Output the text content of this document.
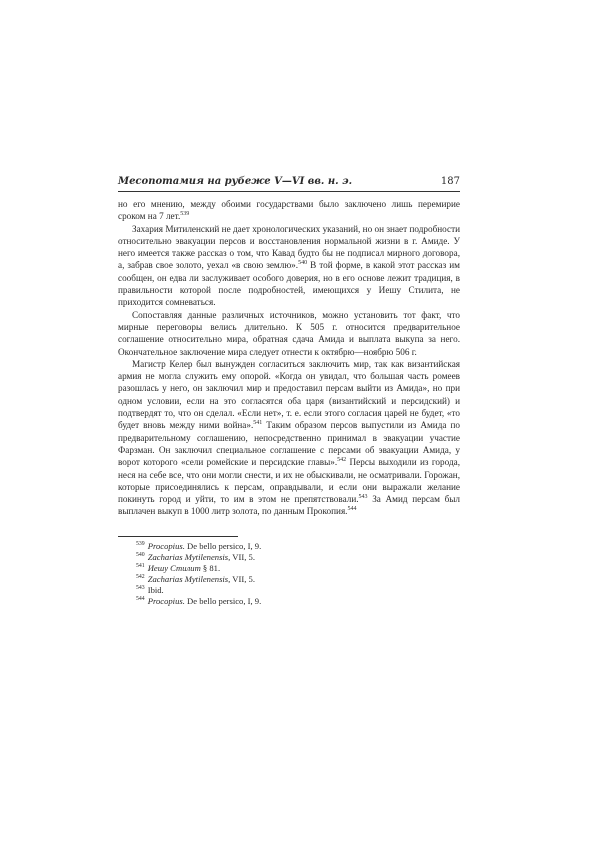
Месопотамия на рубеже V—VI вв. н. э.	187

но его мнению, между обоими государствами было заключено лишь перемирие сроком на 7 лет.$^{539}$

Захария Митиленский не дает хронологических указаний, но он знает подробности относительно эвакуации персов и восстановления нормальной жизни в г. Амиде. У него имеется также рассказ о том, что Кавад будто бы не подписал мирного договора, а, забрав свое золото, уехал «в свою землю».$^{540}$ В той форме, в какой этот рассказ им сообщен, он едва ли заслуживает особого доверия, но в его основе лежит традиция, в правильности которой после подробностей, имеющихся у Иешу Стилита, не приходится сомневаться.

Сопоставляя данные различных источников, можно установить тот факт, что мирные переговоры велись длительно. К 505 г. относится предварительное соглашение относительно мира, обратная сдача Амида и выплата выкупа за него. Окончательное заключение мира следует отнести к октябрю—ноябрю 506 г.

Магистр Келер был вынужден согласиться заключить мир, так как византийская армия не могла служить ему опорой. «Когда он увидал, что большая часть ромеев разошлась у него, он заключил мир и предоставил персам выйти из Амида», но при одном условии, если на это согласятся оба царя (византийский и персидский) и подтвердят то, что он сделал. «Если нет», т. е. если этого согласия царей не будет, «то будет вновь между ними война».$^{541}$ Таким образом персов выпустили из Амида по предварительному соглашению, непосредственно принимал в эвакуации участие Фарзман. Он заключил специальное соглашение с персами об эвакуации Амида, у ворот которого «сели ромейские и персидские главы».$^{542}$ Персы выходили из города, неся на себе все, что они могли снести, и их не обыскивали, не осматривали. Горожан, которые присоединялись к персам, оправдывали, и если они выражали желание покинуть город и уйти, то им в этом не препятствовали.$^{543}$ За Амид персам был выплачен выкуп в 1000 литр золота, по данным Прокопия.$^{544}$

$^{539}$ Procopius. De bello persico, I, 9.
$^{540}$ Zacharias Mytilenensis, VII, 5.
$^{541}$ Иешу Стилит § 81.
$^{542}$ Zacharias Mytilenensis, VII, 5.
$^{543}$ Ibid.
$^{544}$ Procopius. De bello persico, I, 9.
